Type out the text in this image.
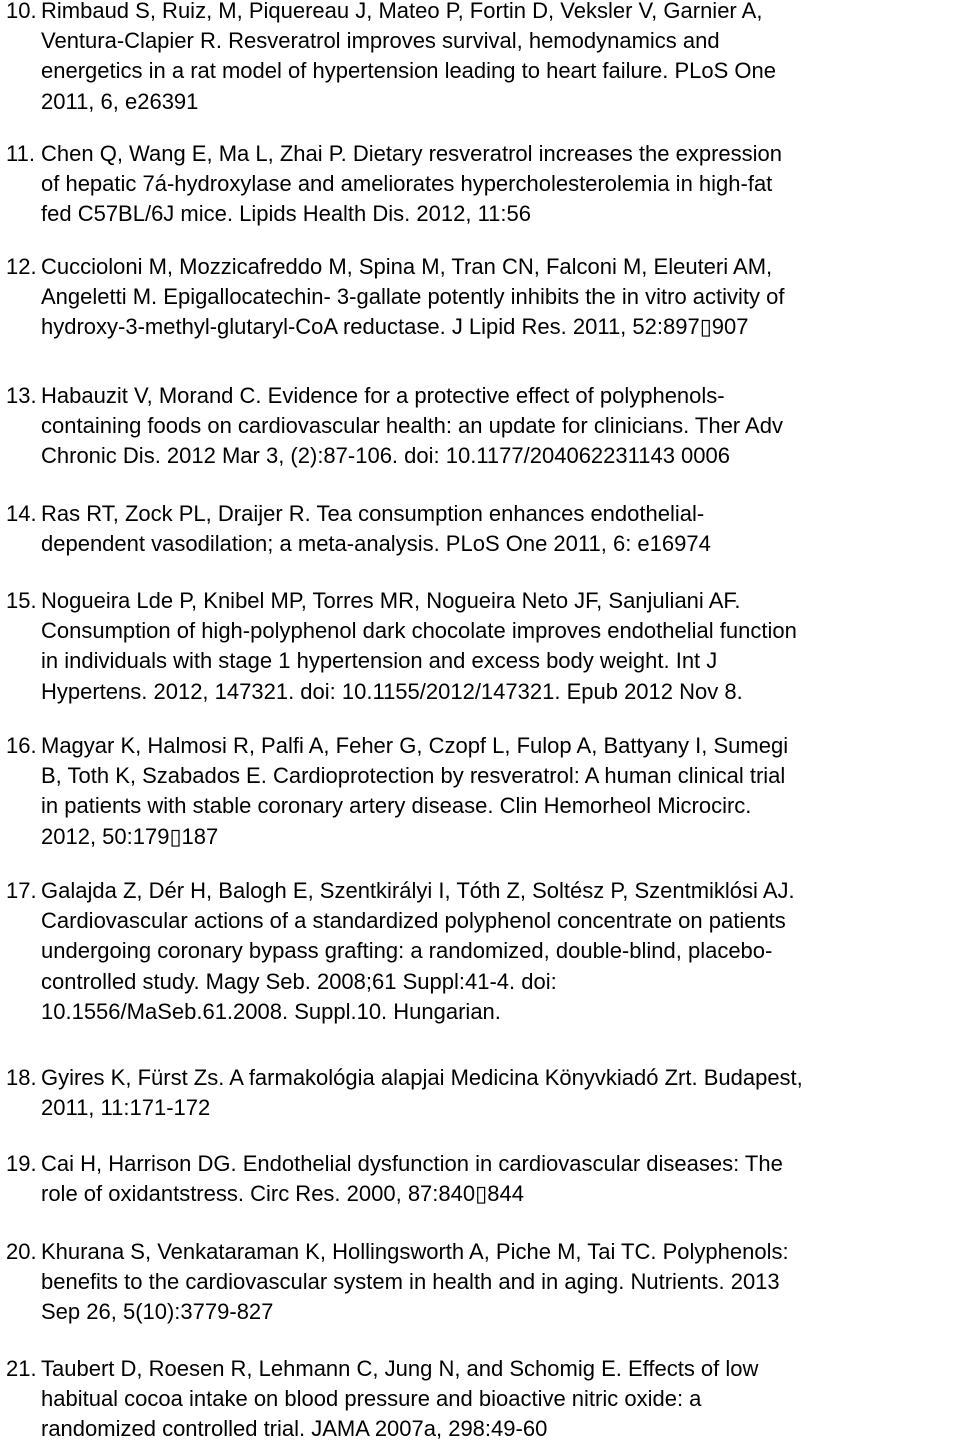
10. Rimbaud S, Ruiz, M, Piquereau J, Mateo P, Fortin D, Veksler V, Garnier A,
Ventura-Clapier R. Resveratrol improves survival, hemodynamics and
energetics in a rat model of hypertension leading to heart failure. PLoS One
2011, 6, e26391
11. Chen Q, Wang E, Ma L, Zhai P. Dietary resveratrol increases the expression
of hepatic 7á-hydroxylase and ameliorates hypercholesterolemia in high-fat
fed C57BL/6J mice. Lipids Health Dis. 2012, 11:56
12. Cuccioloni M, Mozzicafreddo M, Spina M, Tran CN, Falconi M, Eleuteri AM,
Angeletti M. Epigallocatechin- 3-gallate potently inhibits the in vitro activity of
hydroxy-3-methyl-glutaryl-CoA reductase. J Lipid Res. 2011, 52:897▯907
13. Habauzit V, Morand C. Evidence for a protective effect of polyphenols-
containing foods on cardiovascular health: an update for clinicians. Ther Adv
Chronic Dis. 2012 Mar 3, (2):87-106. doi: 10.1177/204062231143 0006
14. Ras RT, Zock PL, Draijer R. Tea consumption enhances endothelial-
dependent vasodilation; a meta-analysis. PLoS One 2011, 6: e16974
15. Nogueira Lde P, Knibel MP, Torres MR, Nogueira Neto JF, Sanjuliani AF.
Consumption of high-polyphenol dark chocolate improves endothelial function
in individuals with stage 1 hypertension and excess body weight. Int J
Hypertens. 2012, 147321. doi: 10.1155/2012/147321. Epub 2012 Nov 8.
16. Magyar K, Halmosi R, Palfi A, Feher G, Czopf L, Fulop A, Battyany I, Sumegi
B, Toth K, Szabados E. Cardioprotection by resveratrol: A human clinical trial
in patients with stable coronary artery disease. Clin Hemorheol Microcirc.
2012, 50:179▯187
17. Galajda Z, Dér H, Balogh E, Szentkirályi I, Tóth Z, Soltész P, Szentmiklósi AJ.
Cardiovascular actions of a standardized polyphenol concentrate on patients
undergoing coronary bypass grafting: a randomized, double-blind, placebo-
controlled study. Magy Seb. 2008;61 Suppl:41-4. doi:
10.1556/MaSeb.61.2008. Suppl.10. Hungarian.
18. Gyires K, Fürst Zs. A farmakológia alapjai Medicina Könyvkiadó Zrt. Budapest,
2011, 11:171-172
19. Cai H, Harrison DG. Endothelial dysfunction in cardiovascular diseases: The
role of oxidantstress. Circ Res. 2000, 87:840▯844
20. Khurana S, Venkataraman K, Hollingsworth A, Piche M, Tai TC. Polyphenols:
benefits to the cardiovascular system in health and in aging. Nutrients. 2013
Sep 26, 5(10):3779-827
21. Taubert D, Roesen R, Lehmann C, Jung N, and Schomig E. Effects of low
habitual cocoa intake on blood pressure and bioactive nitric oxide: a
randomized controlled trial. JAMA 2007a, 298:49-60
